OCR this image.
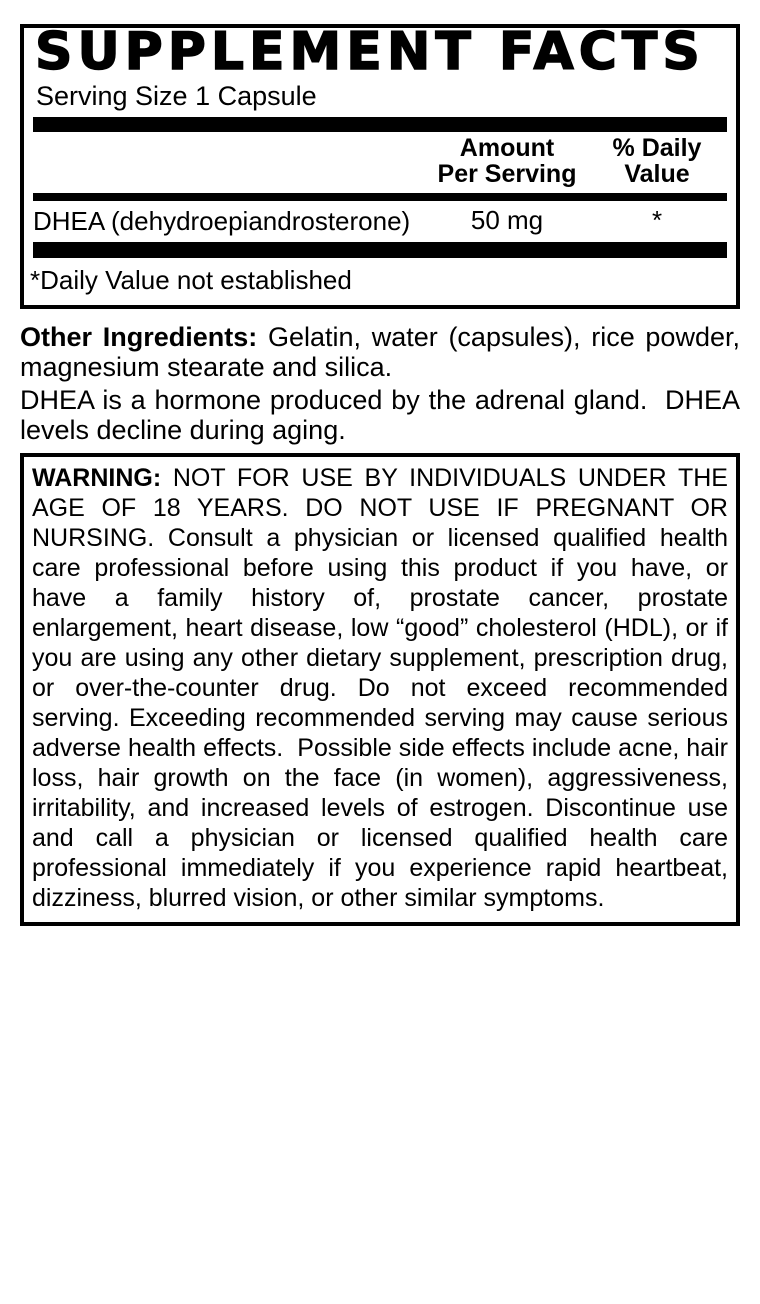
SUPPLEMENT FACTS
Serving Size 1 Capsule
Amount
Per Serving
% Daily
Value
DHEA (dehydroepiandrosterone)	50 mg	*
*Daily Value not established
Other Ingredients: Gelatin, water (capsules), rice powder, magnesium stearate and silica.
DHEA is a hormone produced by the adrenal gland.  DHEA levels decline during aging.
WARNING: NOT FOR USE BY INDIVIDUALS UNDER THE AGE OF 18 YEARS. DO NOT USE IF PREGNANT OR NURSING. Consult a physician or licensed qualified health care professional before using this product if you have, or have a family history of, prostate cancer, prostate enlargement, heart disease, low “good” cholesterol (HDL), or if you are using any other dietary supplement, prescription drug, or over-the-counter drug. Do not exceed recommended serving. Exceeding recommended serving may cause serious adverse health effects.  Possible side effects include acne, hair loss, hair growth on the face (in women), aggressiveness, irritability, and increased levels of estrogen. Discontinue use and call a physician or licensed qualified health care professional immediately if you experience rapid heartbeat, dizziness, blurred vision, or other similar symptoms.
